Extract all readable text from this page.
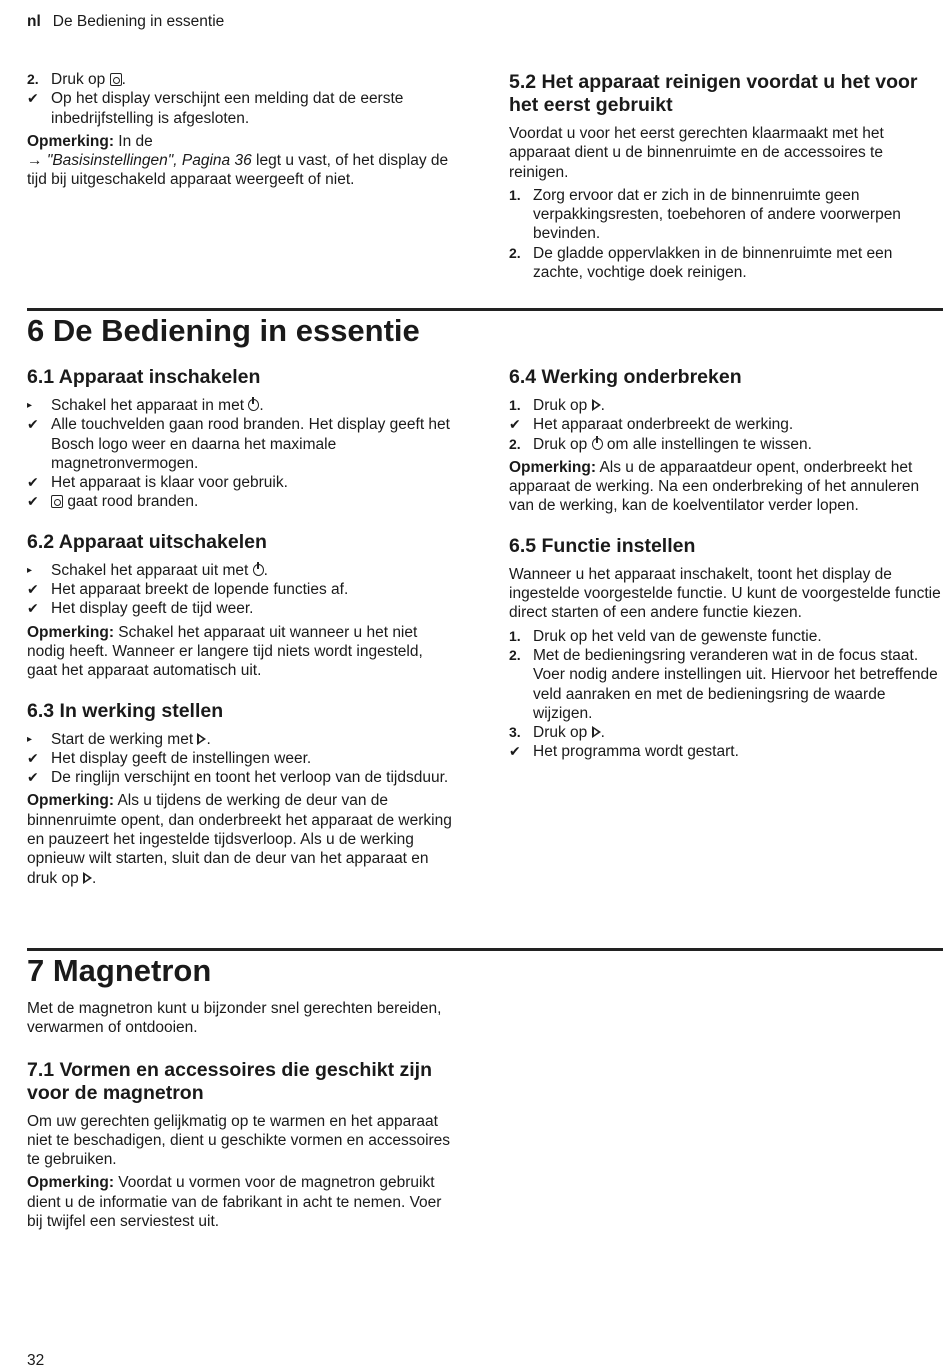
nl De Bediening in essentie
2. Druk op .
✔ Op het display verschijnt een melding dat de eerste inbedrijfstelling is afgesloten.

Opmerking: In de
→ "Basisinstellingen", Pagina 36 legt u vast, of het display de tijd bij uitgeschakeld apparaat weergeeft of niet.

5.2 Het apparaat reinigen voordat u het voor het eerst gebruikt

Voordat u voor het eerst gerechten klaarmaakt met het apparaat dient u de binnenruimte en de accessoires te reinigen.

1. Zorg ervoor dat er zich in de binnenruimte geen verpakkingsresten, toebehoren of andere voorwerpen bevinden.
2. De gladde oppervlakken in de binnenruimte met een zachte, vochtige doek reinigen.
6 De Bediening in essentie
6.1 Apparaat inschakelen
▸	Schakel het apparaat in met .
✔ Alle touchvelden gaan rood branden. Het display geeft het Bosch logo weer en daarna het maximale magnetronvermogen.
✔ Het apparaat is klaar voor gebruik.
✔	gaat rood branden.
6.2 Apparaat uitschakelen
▸	Schakel het apparaat uit met .
✔ Het apparaat breekt de lopende functies af.
✔ Het display geeft de tijd weer.

Opmerking: Schakel het apparaat uit wanneer u het niet nodig heeft. Wanneer er langere tijd niets wordt ingesteld, gaat het apparaat automatisch uit.

6.3 In werking stellen
▸	Start de werking met .
✔ Het display geeft de instellingen weer.
✔ De ringlijn verschijnt en toont het verloop van de tijdsduur.

Opmerking: Als u tijdens de werking de deur van de binnenruimte opent, dan onderbreekt het apparaat de werking en pauzeert het ingestelde tijdsverloop. Als u de werking opnieuw wilt starten, sluit dan de deur van het apparaat en druk op .

6.4 Werking onderbreken
1. Druk op .
✔ Het apparaat onderbreekt de werking.
2. Druk op om alle instellingen te wissen.

Opmerking: Als u de apparaatdeur opent, onderbreekt het apparaat de werking. Na een onderbreking of het annuleren van de werking, kan de koelventilator verder lopen.

6.5 Functie instellen

Wanneer u het apparaat inschakelt, toont het display de ingestelde voorgestelde functie. U kunt de voorgestelde functie direct starten of een andere functie kiezen.

1. Druk op het veld van de gewenste functie.
2. Met de bedieningsring veranderen wat in de focus staat.
Voer nodig andere instellingen uit. Hiervoor het betreffende veld aanraken en met de bedieningsring de waarde wijzigen.
3. Druk op .
✔ Het programma wordt gestart.
7 Magnetron

Met de magnetron kunt u bijzonder snel gerechten bereiden, verwarmen of ontdooien.

7.1 Vormen en accessoires die geschikt zijn voor de magnetron

Om uw gerechten gelijkmatig op te warmen en het apparaat niet te beschadigen, dient u geschikte vormen en accessoires te gebruiken.

Opmerking: Voordat u vormen voor de magnetron gebruikt dient u de informatie van de fabrikant in acht te nemen. Voer bij twijfel een serviestest uit.

32
